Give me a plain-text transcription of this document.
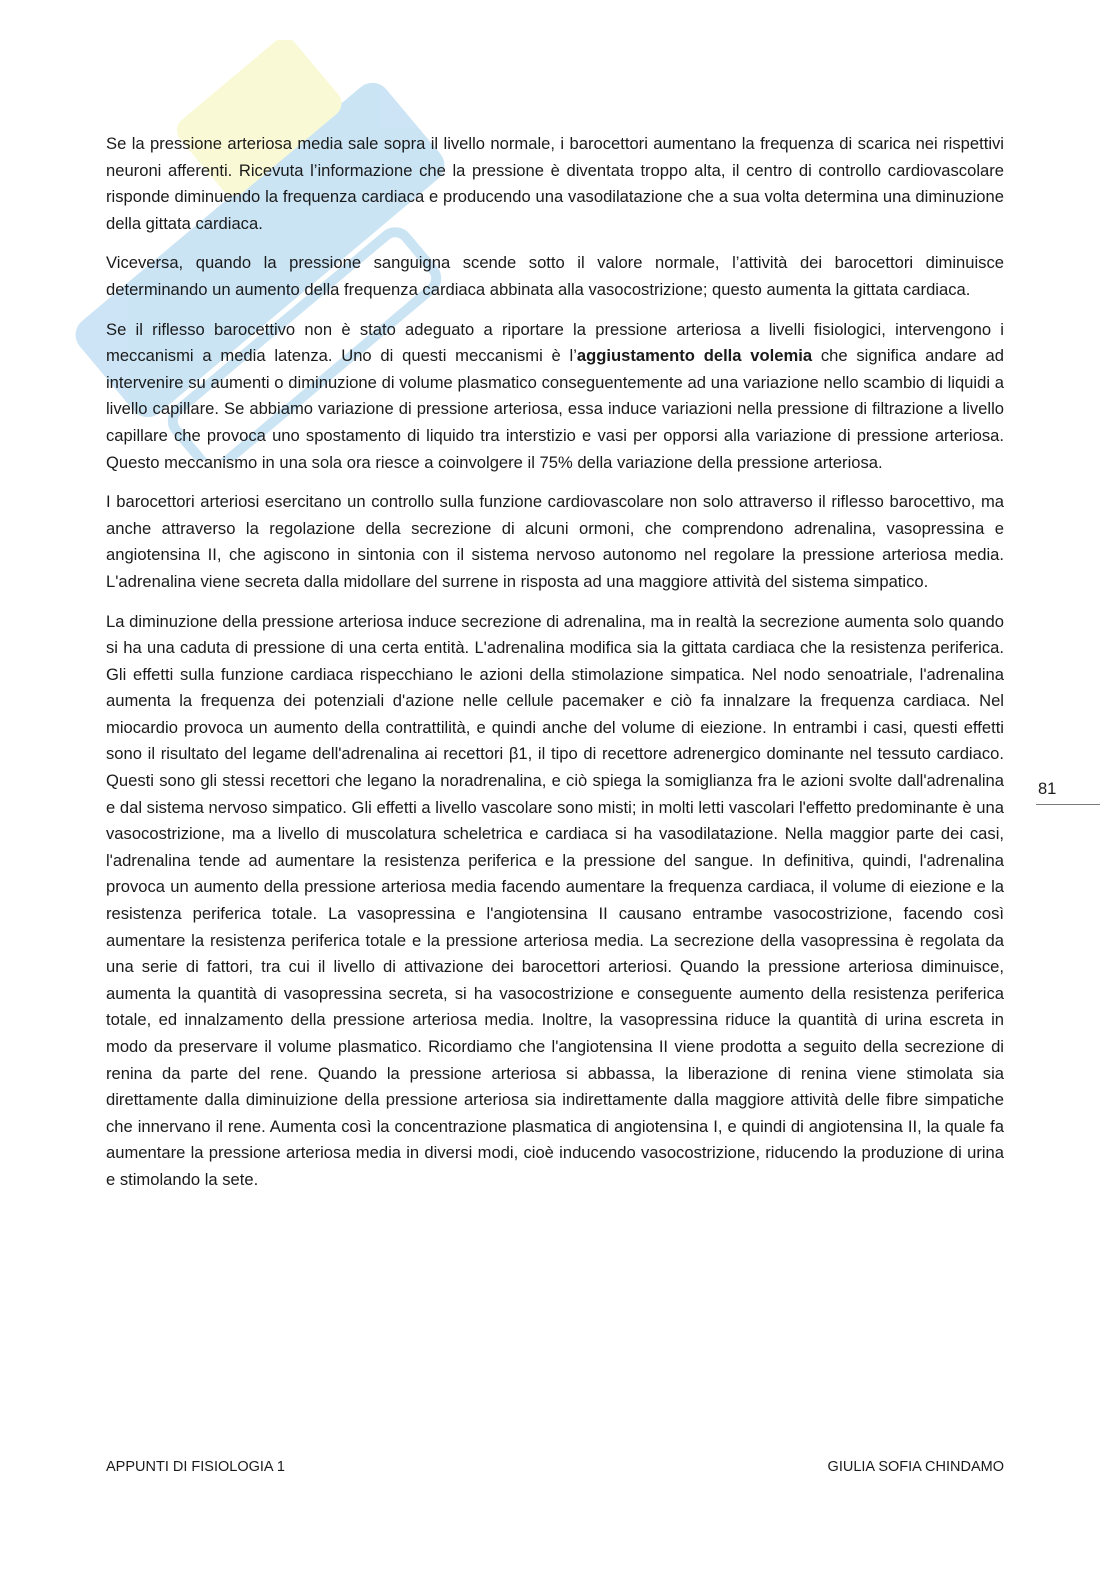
Se la pressione arteriosa media sale sopra il livello normale, i barocettori aumentano la frequenza di scarica nei rispettivi neuroni afferenti. Ricevuta l’informazione che la pressione è diventata troppo alta, il centro di controllo cardiovascolare risponde diminuendo la frequenza cardiaca e producendo una vasodilatazione che a sua volta determina una diminuzione della gittata cardiaca.

Viceversa, quando la pressione sanguigna scende sotto il valore normale, l’attività dei barocettori diminuisce determinando un aumento della frequenza cardiaca abbinata alla vasocostrizione; questo aumenta la gittata cardiaca.

Se il riflesso barocettivo non è stato adeguato a riportare la pressione arteriosa a livelli fisiologici, intervengono i meccanismi a media latenza. Uno di questi meccanismi è l’aggiustamento della volemia che significa andare ad intervenire su aumenti o diminuzione di volume plasmatico conseguentemente ad una variazione nello scambio di liquidi a livello capillare. Se abbiamo variazione di pressione arteriosa, essa induce variazioni nella pressione di filtrazione a livello capillare che provoca uno spostamento di liquido tra interstizio e vasi per opporsi alla variazione di pressione arteriosa. Questo meccanismo in una sola ora riesce a coinvolgere il 75% della variazione della pressione arteriosa.

I barocettori arteriosi esercitano un controllo sulla funzione cardiovascolare non solo attraverso il riflesso barocettivo, ma anche attraverso la regolazione della secrezione di alcuni ormoni, che comprendono adrenalina, vasopressina e angiotensina II, che agiscono in sintonia con il sistema nervoso autonomo nel regolare la pressione arteriosa media. L'adrenalina viene secreta dalla midollare del surrene in risposta ad una maggiore attività del sistema simpatico.

La diminuzione della pressione arteriosa induce secrezione di adrenalina, ma in realtà la secrezione aumenta solo quando si ha una caduta di pressione di una certa entità. L'adrenalina modifica sia la gittata cardiaca che la resistenza periferica. Gli effetti sulla funzione cardiaca rispecchiano le azioni della stimolazione simpatica. Nel nodo senoatriale, l'adrenalina aumenta la frequenza dei potenziali d'azione nelle cellule pacemaker e ciò fa innalzare la frequenza cardiaca. Nel miocardio provoca un aumento della contrattilità, e quindi anche del volume di eiezione. In entrambi i casi, questi effetti sono il risultato del legame dell'adrenalina ai recettori β1, il tipo di recettore adrenergico dominante nel tessuto cardiaco. Questi sono gli stessi recettori che legano la noradrenalina, e ciò spiega la somiglianza fra le azioni svolte dall'adrenalina e dal sistema nervoso simpatico. Gli effetti a livello vascolare sono misti; in molti letti vascolari l'effetto predominante è una vasocostrizione, ma a livello di muscolatura scheletrica e cardiaca si ha vasodilatazione. Nella maggior parte dei casi, l'adrenalina tende ad aumentare la resistenza periferica e la pressione del sangue. In definitiva, quindi, l'adrenalina provoca un aumento della pressione arteriosa media facendo aumentare la frequenza cardiaca, il volume di eiezione e la resistenza periferica totale. La vasopressina e l'angiotensina II causano entrambe vasocostrizione, facendo così aumentare la resistenza periferica totale e la pressione arteriosa media. La secrezione della vasopressina è regolata da una serie di fattori, tra cui il livello di attivazione dei barocettori arteriosi. Quando la pressione arteriosa diminuisce, aumenta la quantità di vasopressina secreta, si ha vasocostrizione e conseguente aumento della resistenza periferica totale, ed innalzamento della pressione arteriosa media. Inoltre, la vasopressina riduce la quantità di urina escreta in modo da preservare il volume plasmatico. Ricordiamo che l'angiotensina II viene prodotta a seguito della secrezione di renina da parte del rene. Quando la pressione arteriosa si abbassa, la liberazione di renina viene stimolata sia direttamente dalla diminuizione della pressione arteriosa sia indirettamente dalla maggiore attività delle fibre simpatiche che innervano il rene. Aumenta così la concentrazione plasmatica di angiotensina I, e quindi di angiotensina II, la quale fa aumentare la pressione arteriosa media in diversi modi, cioè inducendo vasocostrizione, riducendo la produzione di urina e stimolando la sete.

81
APPUNTI DI FISIOLOGIA 1	GIULIA SOFIA CHINDAMO
